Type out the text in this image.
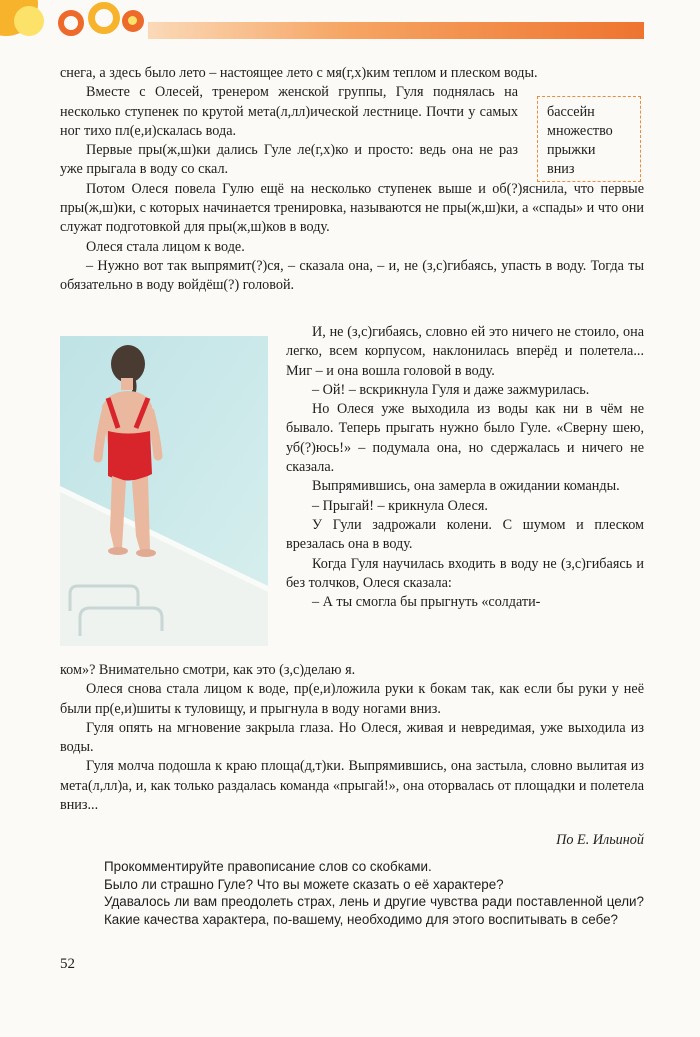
снега, а здесь было лето – настоящее лето с мя(г,х)ким теплом и плеском воды.

Вместе с Олесей, тренером женской группы, Гуля поднялась на несколько ступенек по крутой мета(л,лл)ической лестнице. Почти у самых ног тихо пл(е,и)скалась вода.

Первые пры(ж,ш)ки дались Гуле ле(г,х)ко и просто: ведь она не раз уже прыгала в воду со скал.

Потом Олеся повела Гулю ещё на несколько ступенек выше и об(?)яснила, что первые пры(ж,ш)ки, с которых начинается тренировка, называются не пры(ж,ш)ки, а «спады» и что они служат подготовкой для пры(ж,ш)ков в воду.

Олеся стала лицом к воде.

– Нужно вот так выпрямит(?)ся, – сказала она, – и, не (з,с)гибаясь, упасть в воду. Тогда ты обязательно в воду войдёш(?) головой.

бассейн
множество
прыжки
вниз

И, не (з,с)гибаясь, словно ей это ничего не стоило, она легко, всем корпусом, наклонилась вперёд и полетела... Миг – и она вошла головой в воду.

– Ой! – вскрикнула Гуля и даже зажмурилась.

Но Олеся уже выходила из воды как ни в чём не бывало. Теперь прыгать нужно было Гуле. «Сверну шею, уб(?)юсь!» – подумала она, но сдержалась и ничего не сказала.

Выпрямившись, она замерла в ожидании команды.

– Прыгай! – крикнула Олеся.

У Гули задрожали колени. С шумом и плеском врезалась она в воду.

Когда Гуля научилась входить в воду не (з,с)гибаясь и без толчков, Олеся сказала:

– А ты смогла бы прыгнуть «солдати-

ком»? Внимательно смотри, как это (з,с)делаю я.

Олеся снова стала лицом к воде, пр(е,и)ложила руки к бокам так, как если бы руки у неё были пр(е,и)шиты к туловищу, и прыгнула в воду ногами вниз.

Гуля опять на мгновение закрыла глаза. Но Олеся, живая и невредимая, уже выходила из воды.

Гуля молча подошла к краю площа(д,т)ки. Выпрямившись, она застыла, словно вылитая из мета(л,лл)а, и, как только раздалась команда «прыгай!», она оторвалась от площадки и полетела вниз...

По Е. Ильиной

Прокомментируйте правописание слов со скобками.

Было ли страшно Гуле? Что вы можете сказать о её характере?

Удавалось ли вам преодолеть страх, лень и другие чувства ради поставленной цели? Какие качества характера, по-вашему, необходимо для этого воспитывать в себе?

52
